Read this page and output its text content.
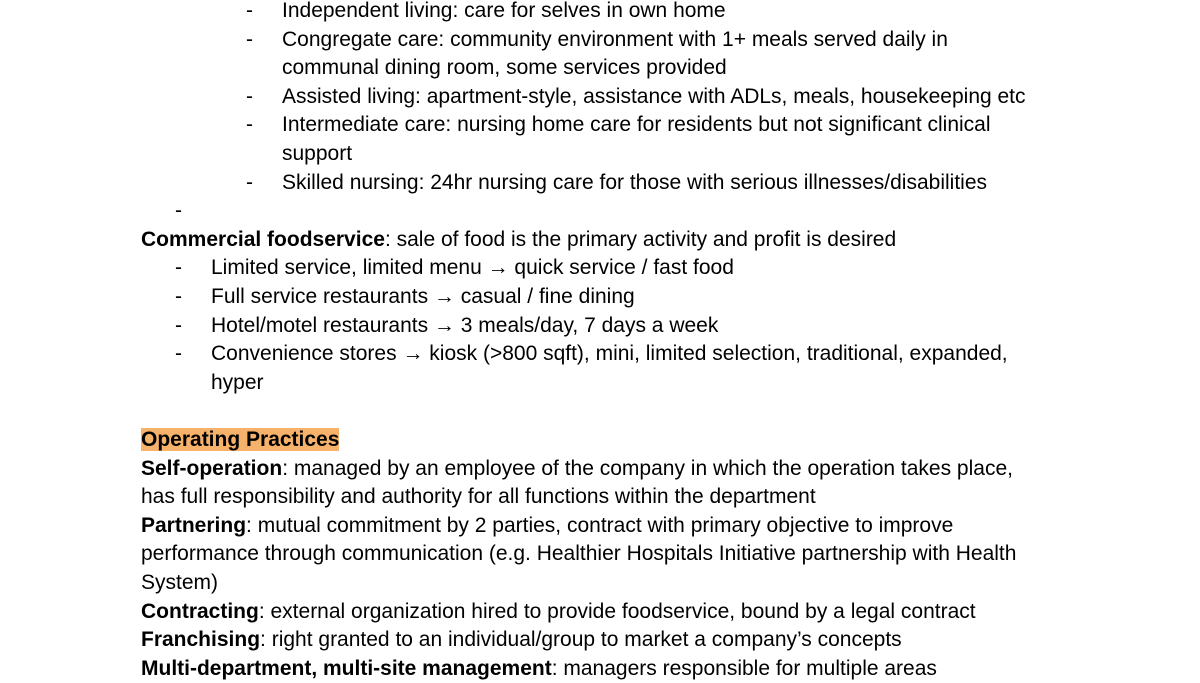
-	Independent living: care for selves in own home
-	Congregate care: community environment with 1+ meals served daily in
communal dining room, some services provided
-	Assisted living: apartment-style, assistance with ADLs, meals, housekeeping etc
-	Intermediate care: nursing home care for residents but not significant clinical
support
-	Skilled nursing: 24hr nursing care for those with serious illnesses/disabilities
-
Commercial foodservice: sale of food is the primary activity and profit is desired
-	Limited service, limited menu → quick service / fast food
-	Full service restaurants → casual / fine dining
-	Hotel/motel restaurants → 3 meals/day, 7 days a week
-	Convenience stores → kiosk (>800 sqft), mini, limited selection, traditional, expanded,
hyper
Operating Practices
Self-operation: managed by an employee of the company in which the operation takes place,
has full responsibility and authority for all functions within the department
Partnering: mutual commitment by 2 parties, contract with primary objective to improve
performance through communication (e.g. Healthier Hospitals Initiative partnership with Health
System)
Contracting: external organization hired to provide foodservice, bound by a legal contract
Franchising: right granted to an individual/group to market a company’s concepts
Multi-department, multi-site management: managers responsible for multiple areas
